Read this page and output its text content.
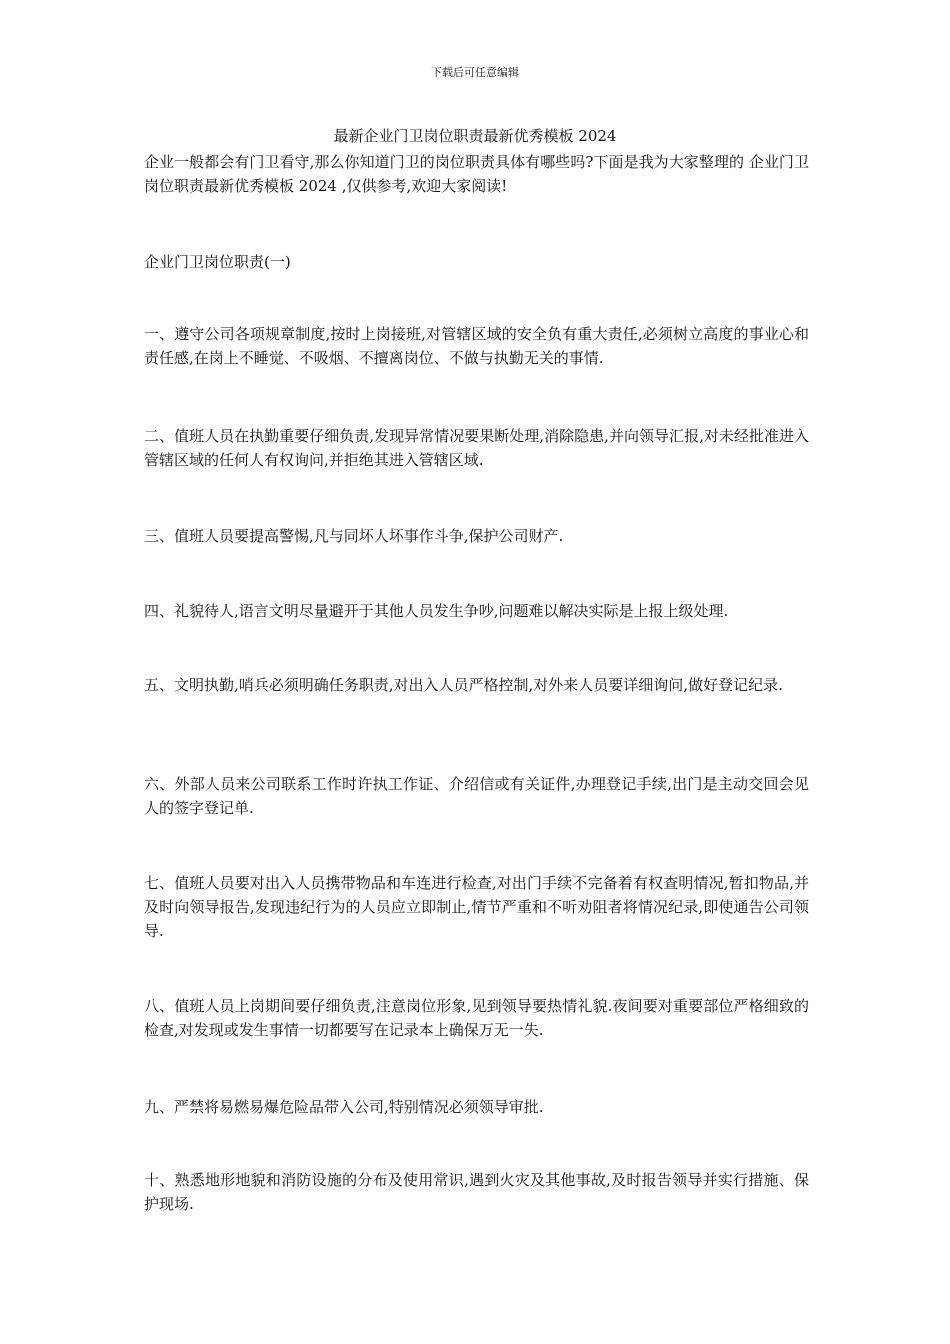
下载后可任意编辑
最新企业门卫岗位职责最新优秀模板 2024

企业一般都会有门卫看守,那么你知道门卫的岗位职责具体有哪些吗?下面是我为大家整理的 企业门卫岗位职责最新优秀模板 2024 ,仅供参考,欢迎大家阅读!

企业门卫岗位职责(一)

一、遵守公司各项规章制度,按时上岗接班,对管辖区域的安全负有重大责任,必须树立高度的事业心和责任感,在岗上不睡觉、不吸烟、不擅离岗位、不做与执勤无关的事情.

二、值班人员在执勤重要仔细负责,发现异常情况要果断处理,消除隐患,并向领导汇报,对未经批准进入管辖区域的任何人有权询问,并拒绝其进入管辖区域.

三、值班人员要提高警惕,凡与同坏人坏事作斗争,保护公司财产.

四、礼貌待人,语言文明尽量避开于其他人员发生争吵,问题难以解决实际是上报上级处理.

五、文明执勤,哨兵必须明确任务职责,对出入人员严格控制,对外来人员要详细询问,做好登记纪录.

六、外部人员来公司联系工作时许执工作证、介绍信或有关证件,办理登记手续,出门是主动交回会见人的签字登记单.

七、值班人员要对出入人员携带物品和车连进行检查,对出门手续不完备着有权查明情况,暂扣物品,并及时向领导报告,发现违纪行为的人员应立即制止,情节严重和不听劝阻者将情况纪录,即使通告公司领导.

八、值班人员上岗期间要仔细负责,注意岗位形象,见到领导要热情礼貌.夜间要对重要部位严格细致的检查,对发现或发生事情一切都要写在记录本上确保万无一失.

九、严禁将易燃易爆危险品带入公司,特别情况必须领导审批.

十、熟悉地形地貌和消防设施的分布及使用常识,遇到火灾及其他事故,及时报告领导并实行措施、保护现场.
